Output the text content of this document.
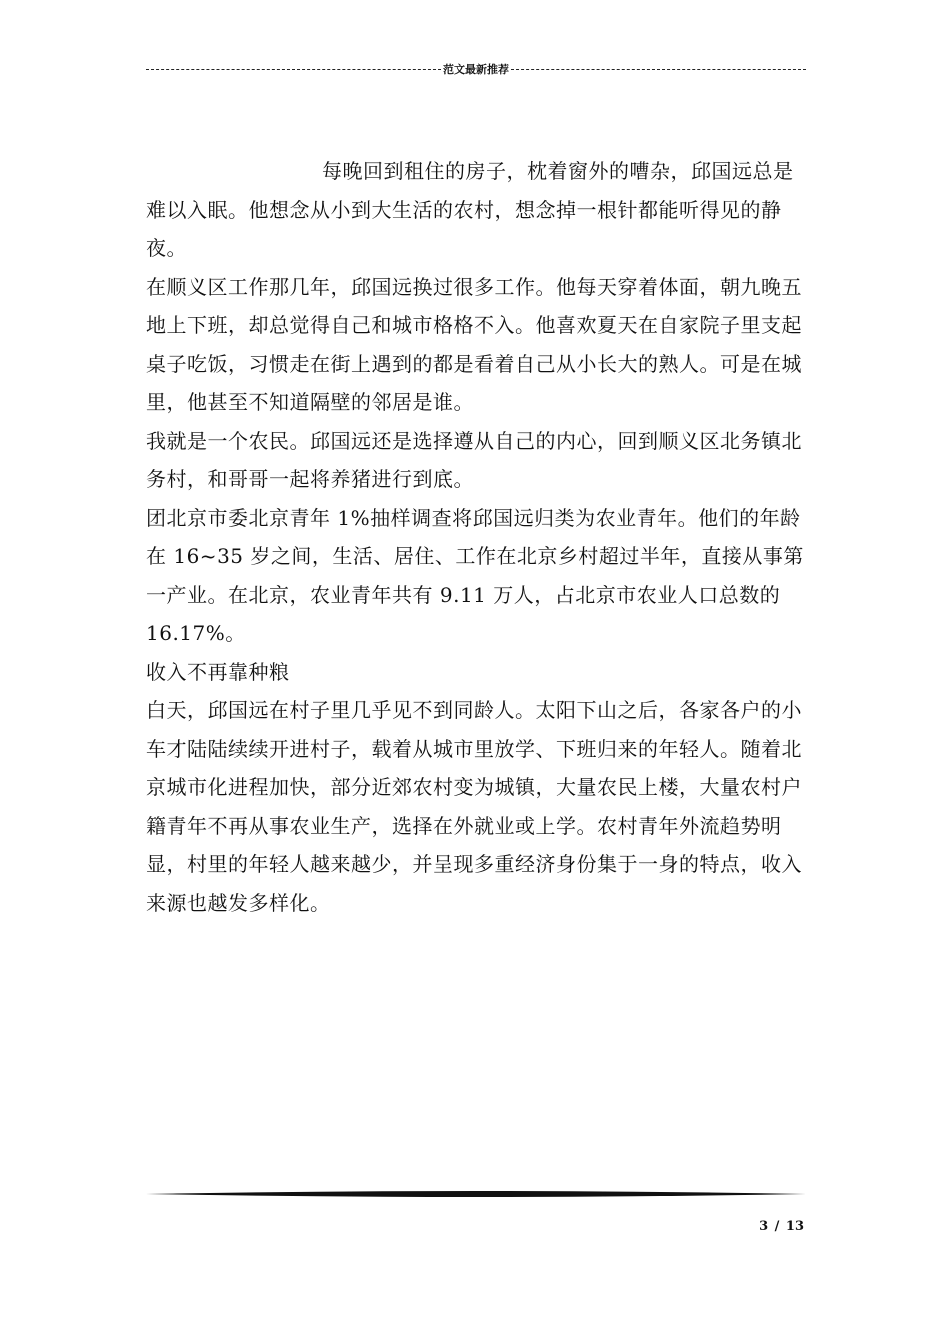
范文最新推荐

每晚回到租住的房子，枕着窗外的嘈杂，邱国远总是难以入眠。他想念从小到大生活的农村，想念掉一根针都能听得见的静夜。

在顺义区工作那几年，邱国远换过很多工作。他每天穿着体面，朝九晚五地上下班，却总觉得自己和城市格格不入。他喜欢夏天在自家院子里支起桌子吃饭，习惯走在街上遇到的都是看着自己从小长大的熟人。可是在城里，他甚至不知道隔壁的邻居是谁。

我就是一个农民。邱国远还是选择遵从自己的内心，回到顺义区北务镇北务村，和哥哥一起将养猪进行到底。

团北京市委北京青年 1%抽样调查将邱国远归类为农业青年。他们的年龄在 16~35 岁之间，生活、居住、工作在北京乡村超过半年，直接从事第一产业。在北京，农业青年共有 9.11 万人，占北京市农业人口总数的 16.17%。

收入不再靠种粮

白天，邱国远在村子里几乎见不到同龄人。太阳下山之后，各家各户的小车才陆陆续续开进村子，载着从城市里放学、下班归来的年轻人。随着北京城市化进程加快，部分近郊农村变为城镇，大量农民上楼，大量农村户籍青年不再从事农业生产，选择在外就业或上学。农村青年外流趋势明显，村里的年轻人越来越少，并呈现多重经济身份集于一身的特点，收入来源也越发多样化。

3 / 13
